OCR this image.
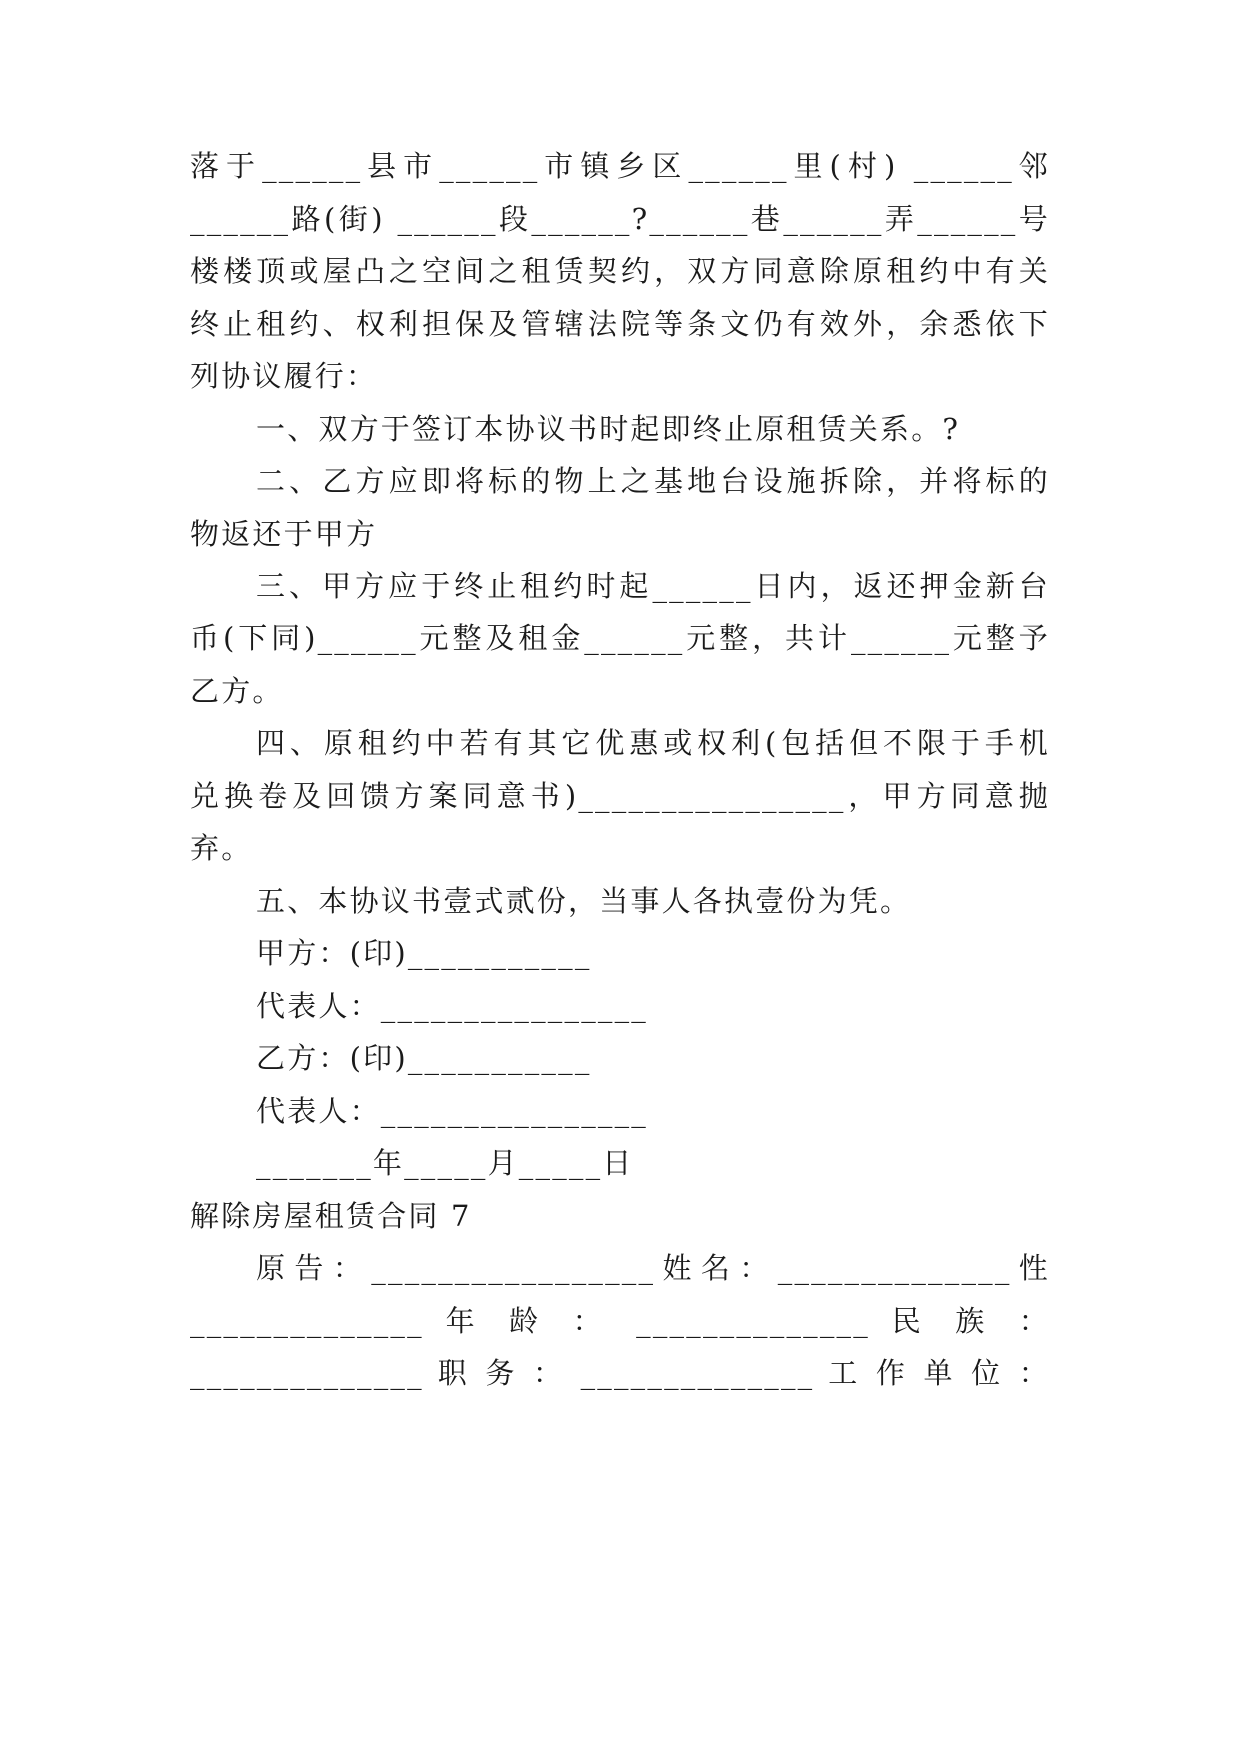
落于______县市______市镇乡区______里(村) ______邻
______路(街) ______段______?______巷______弄______号
楼楼顶或屋凸之空间之租赁契约，双方同意除原租约中有关
终止租约、权利担保及管辖法院等条文仍有效外，余悉依下
列协议履行：
一、双方于签订本协议书时起即终止原租赁关系。?
二、乙方应即将标的物上之基地台设施拆除，并将标的
物返还于甲方
三、甲方应于终止租约时起______日内，返还押金新台
币(下同)______元整及租金______元整，共计______元整予
乙方。
四、原租约中若有其它优惠或权利(包括但不限于手机
兑换卷及回馈方案同意书)________________，甲方同意抛
弃。
五、本协议书壹式贰份，当事人各执壹份为凭。
甲方：(印)___________
代表人：________________
乙方：(印)___________
代表人：________________
_______年_____月_____日
解除房屋租赁合同 7
原告：_________________姓名：______________性
______________ 年 龄 ： ______________ 民 族 ：
______________ 职 务 ： ______________ 工 作 单 位 ：
